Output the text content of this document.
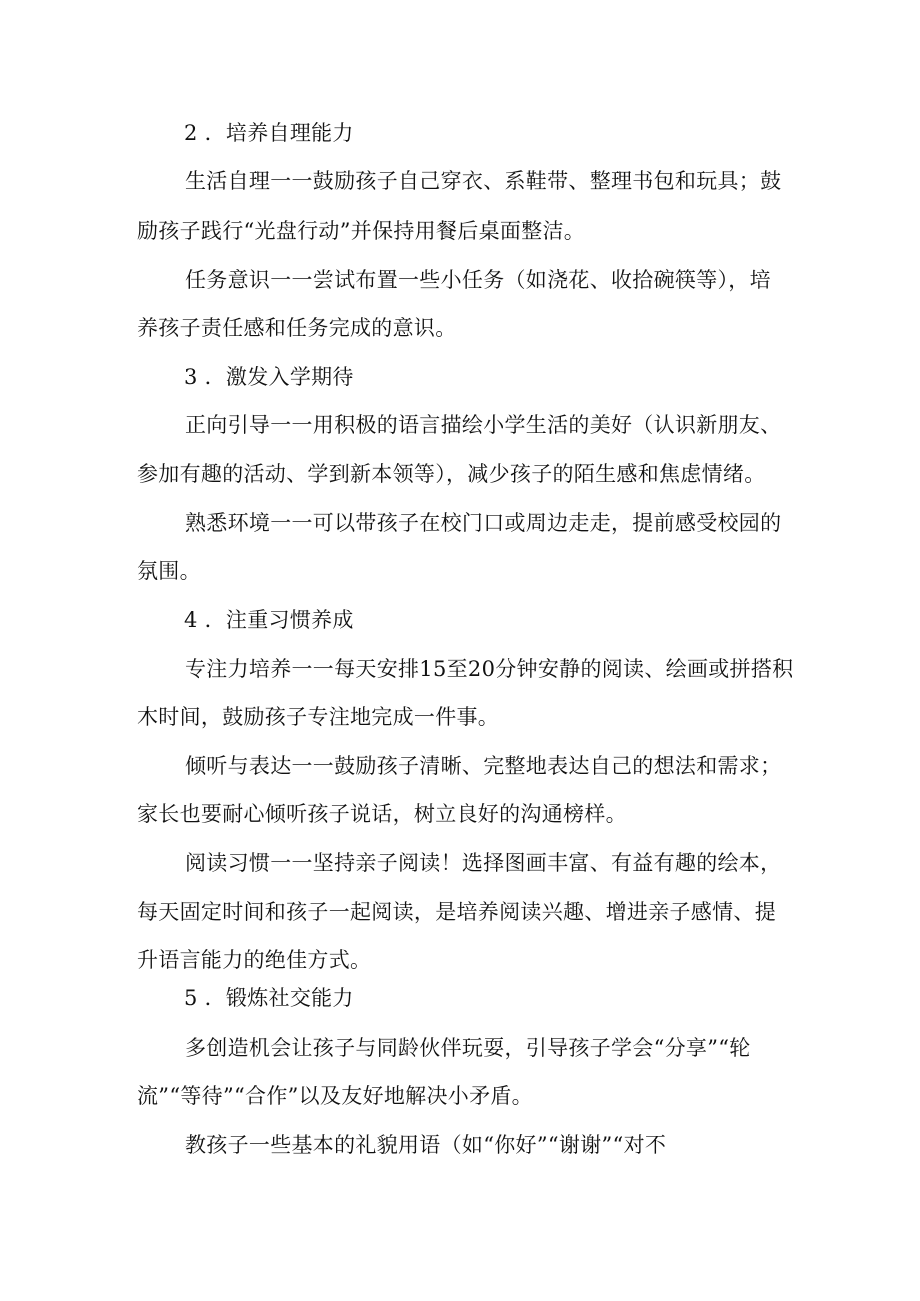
2 ．培养自理能力
生活自理一一鼓励孩子自己穿衣、系鞋带、整理书包和玩具；鼓
励孩子践行“光盘行动”并保持用餐后桌面整洁。
任务意识一一尝试布置一些小任务（如浇花、收拾碗筷等），培
养孩子责任感和任务完成的意识。
3 ．激发入学期待
正向引导一一用积极的语言描绘小学生活的美好（认识新朋友、
参加有趣的活动、学到新本领等），减少孩子的陌生感和焦虑情绪。
熟悉环境一一可以带孩子在校门口或周边走走，提前感受校园的
氛围。
4 ．注重习惯养成
专注力培养一一每天安排15至20分钟安静的阅读、绘画或拼搭积
木时间，鼓励孩子专注地完成一件事。
倾听与表达一一鼓励孩子清晰、完整地表达自己的想法和需求；
家长也要耐心倾听孩子说话，树立良好的沟通榜样。
阅读习惯一一坚持亲子阅读！选择图画丰富、有益有趣的绘本，
每天固定时间和孩子一起阅读，是培养阅读兴趣、增进亲子感情、提
升语言能力的绝佳方式。
5 ．锻炼社交能力
多创造机会让孩子与同龄伙伴玩耍，引导孩子学会“分享”“轮
流”“等待”“合作”以及友好地解决小矛盾。
教孩子一些基本的礼貌用语（如“你好”“谢谢”“对不
